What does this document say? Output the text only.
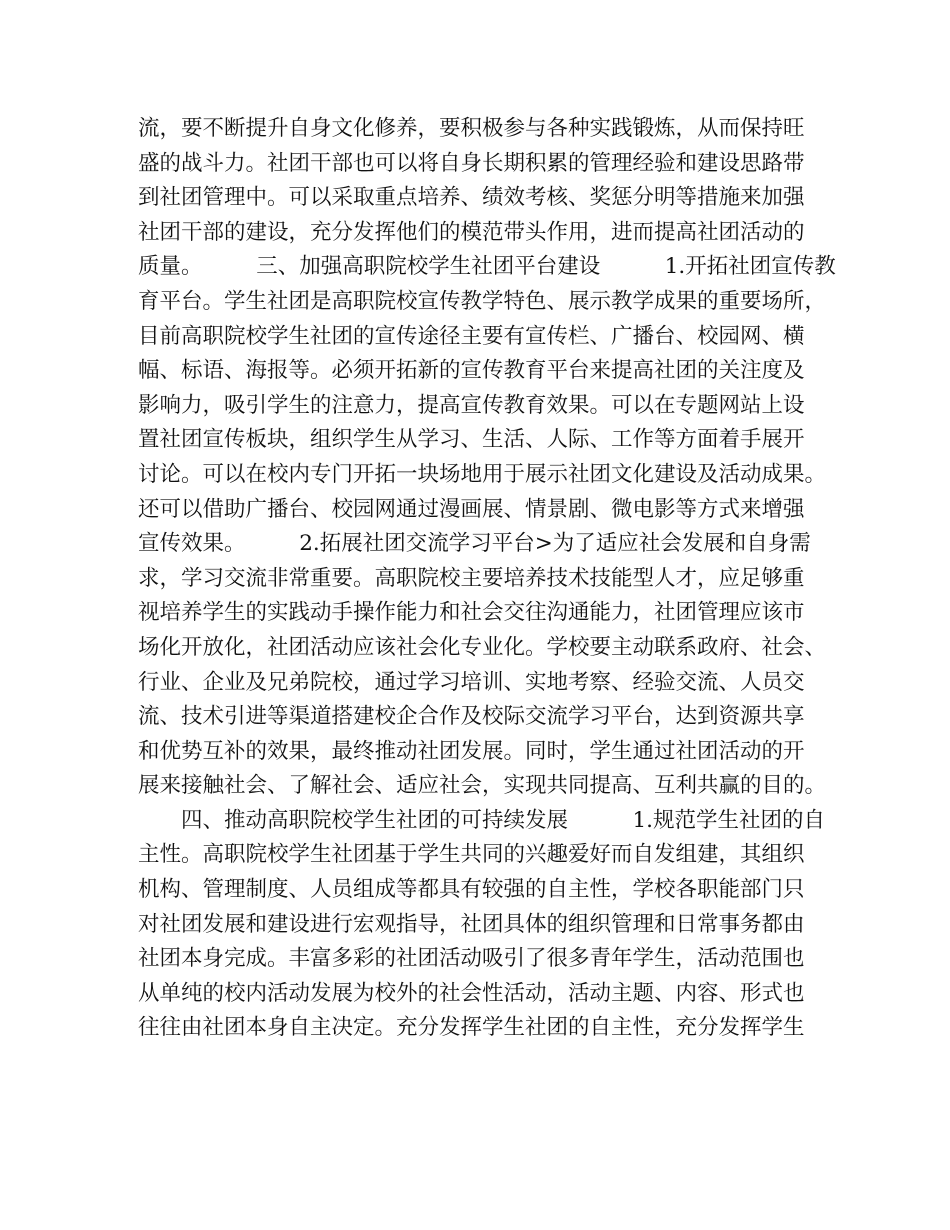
流，要不断提升自身文化修养，要积极参与各种实践锻炼，从而保持旺
盛的战斗力。社团干部也可以将自身长期积累的管理经验和建设思路带
到社团管理中。可以采取重点培养、绩效考核、奖惩分明等措施来加强
社团干部的建设，充分发挥他们的模范带头作用，进而提高社团活动的
质量。　　　三、加强高职院校学生社团平台建设　　　1.开拓社团宣传教
育平台。学生社团是高职院校宣传教学特色、展示教学成果的重要场所，
目前高职院校学生社团的宣传途径主要有宣传栏、广播台、校园网、横
幅、标语、海报等。必须开拓新的宣传教育平台来提高社团的关注度及
影响力，吸引学生的注意力，提高宣传教育效果。可以在专题网站上设
置社团宣传板块，组织学生从学习、生活、人际、工作等方面着手展开
讨论。可以在校内专门开拓一块场地用于展示社团文化建设及活动成果。
还可以借助广播台、校园网通过漫画展、情景剧、微电影等方式来增强
宣传效果。　　　2.拓展社团交流学习平台>为了适应社会发展和自身需
求，学习交流非常重要。高职院校主要培养技术技能型人才，应足够重
视培养学生的实践动手操作能力和社会交往沟通能力，社团管理应该市
场化开放化，社团活动应该社会化专业化。学校要主动联系政府、社会、
行业、企业及兄弟院校，通过学习培训、实地考察、经验交流、人员交
流、技术引进等渠道搭建校企合作及校际交流学习平台，达到资源共享
和优势互补的效果，最终推动社团发展。同时，学生通过社团活动的开
展来接触社会、了解社会、适应社会，实现共同提高、互利共赢的目的。
　　四、推动高职院校学生社团的可持续发展　　　1.规范学生社团的自
主性。高职院校学生社团基于学生共同的兴趣爱好而自发组建，其组织
机构、管理制度、人员组成等都具有较强的自主性，学校各职能部门只
对社团发展和建设进行宏观指导，社团具体的组织管理和日常事务都由
社团本身完成。丰富多彩的社团活动吸引了很多青年学生，活动范围也
从单纯的校内活动发展为校外的社会性活动，活动主题、内容、形式也
往往由社团本身自主决定。充分发挥学生社团的自主性，充分发挥学生
